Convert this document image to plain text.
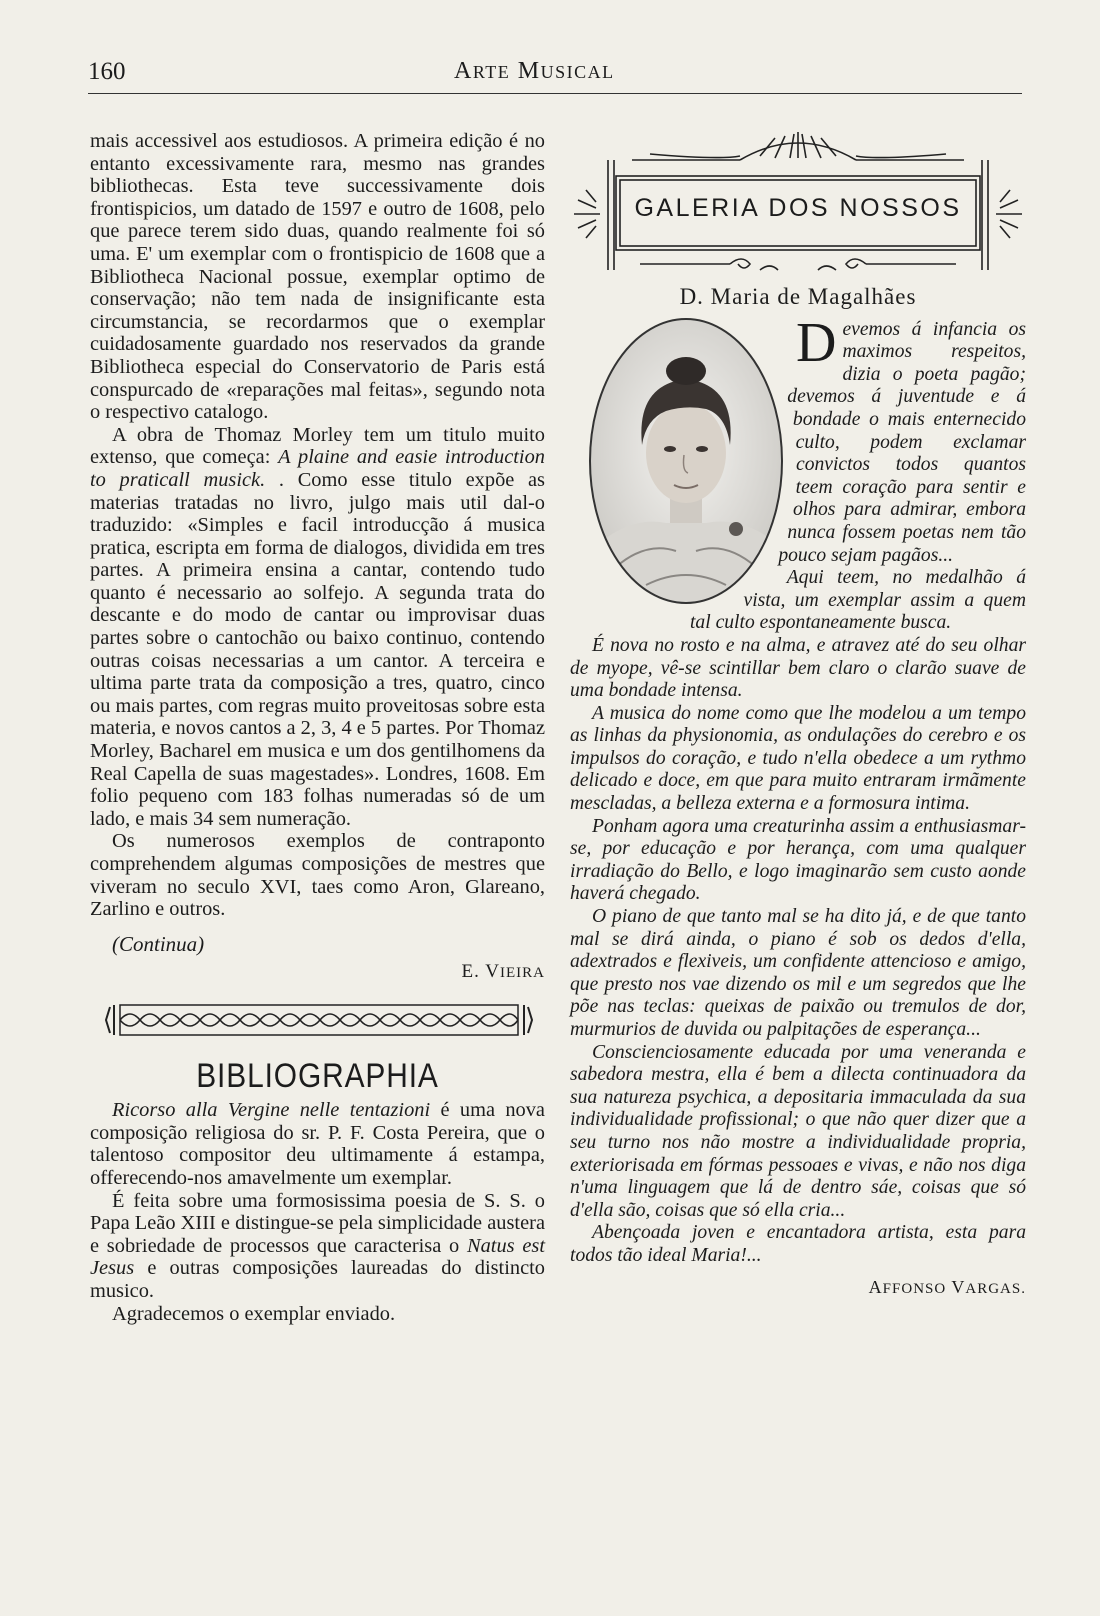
160	ARTE MUSICAL

mais accessivel aos estudiosos. A primeira edição é no entanto excessivamente rara, mesmo nas grandes bibliothecas. Esta teve successivamente dois frontispicios, um datado de 1597 e outro de 1608, pelo que parece terem sido duas, quando realmente foi só uma. E' um exemplar com o frontispicio de 1608 que a Bibliotheca Nacional possue, exemplar optimo de conservação; não tem nada de insignificante esta circumstancia, se recordarmos que o exemplar cuidadosamente guardado nos reservados da grande Bibliotheca especial do Conservatorio de Paris está conspurcado de «reparações mal feitas», segundo nota o respectivo catalogo.

A obra de Thomaz Morley tem um titulo muito extenso, que começa: A plaine and easie introduction to praticall musick. . Como esse titulo expõe as materias tratadas no livro, julgo mais util dal-o traduzido: «Simples e facil introducção á musica pratica, escripta em forma de dialogos, dividida em tres partes. A primeira ensina a cantar, contendo tudo quanto é necessario ao solfejo. A segunda trata do descante e do modo de cantar ou improvisar duas partes sobre o cantochão ou baixo continuo, contendo outras coisas necessarias a um cantor. A terceira e ultima parte trata da composição a tres, quatro, cinco ou mais partes, com regras muito proveitosas sobre esta materia, e novos cantos a 2, 3, 4 e 5 partes. Por Thomaz Morley, Bacharel em musica e um dos gentilhomens da Real Capella de suas magestades». Londres, 1608. Em folio pequeno com 183 folhas numeradas só de um lado, e mais 34 sem numeração.

Os numerosos exemplos de contraponto comprehendem algumas composições de mestres que viveram no seculo XVI, taes como Aron, Glareano, Zarlino e outros.

(Continua)
E. VIEIRA
BIBLIOGRAPHIA

Ricorso alla Vergine nelle tentazioni é uma nova composição religiosa do sr. P. F. Costa Pereira, que o talentoso compositor deu ultimamente á estampa, offerecendo-nos amavelmente um exemplar.

É feita sobre uma formosissima poesia de S. S. o Papa Leão XIII e distingue-se pela simplicidade austera e sobriedade de processos que caracterisa o Natus est Jesus e outras composições laureadas do distincto musico.

Agradecemos o exemplar enviado.

GALERIA DOS NOSSOS
D. Maria de Magalhães

Devemos á infancia os maximos respeitos, dizia o poeta pagão; devemos á juventude e á bondade o mais enternecido culto, podem exclamar convictos todos quantos teem coração para sentir e olhos para admirar, embora nunca fossem poetas nem tão pouco sejam pagãos...

Aqui teem, no medalhão á vista, um exemplar assim a quem tal culto espontaneamente busca.

É nova no rosto e na alma, e atravez até do seu olhar de myope, vê-se scintillar bem claro o clarão suave de uma bondade intensa.

A musica do nome como que lhe modelou a um tempo as linhas da physionomia, as ondulações do cerebro e os impulsos do coração, e tudo n'ella obedece a um rythmo delicado e doce, em que para muito entraram irmãmente mescladas, a belleza externa e a formosura intima.

Ponham agora uma creaturinha assim a enthusiasmar-se, por educação e por herança, com uma qualquer irradiação do Bello, e logo imaginarão sem custo aonde haverá chegado.

O piano de que tanto mal se ha dito já, e de que tanto mal se dirá ainda, o piano é sob os dedos d'ella, adextrados e flexiveis, um confidente attencioso e amigo, que presto nos vae dizendo os mil e um segredos que lhe põe nas teclas: queixas de paixão ou tremulos de dor, murmurios de duvida ou palpitações de esperança...

Conscienciosamente educada por uma veneranda e sabedora mestra, ella é bem a dilecta continuadora da sua natureza psychica, a depositaria immaculada da sua individualidade profissional; o que não quer dizer que a seu turno nos não mostre a individualidade propria, exteriorisada em fórmas pessoaes e vivas, e não nos diga n'uma linguagem que lá de dentro sáe, coisas que só d'ella são, coisas que só ella cria...

Abençoada joven e encantadora artista, esta para todos tão ideal Maria!...

AFFONSO VARGAS.
